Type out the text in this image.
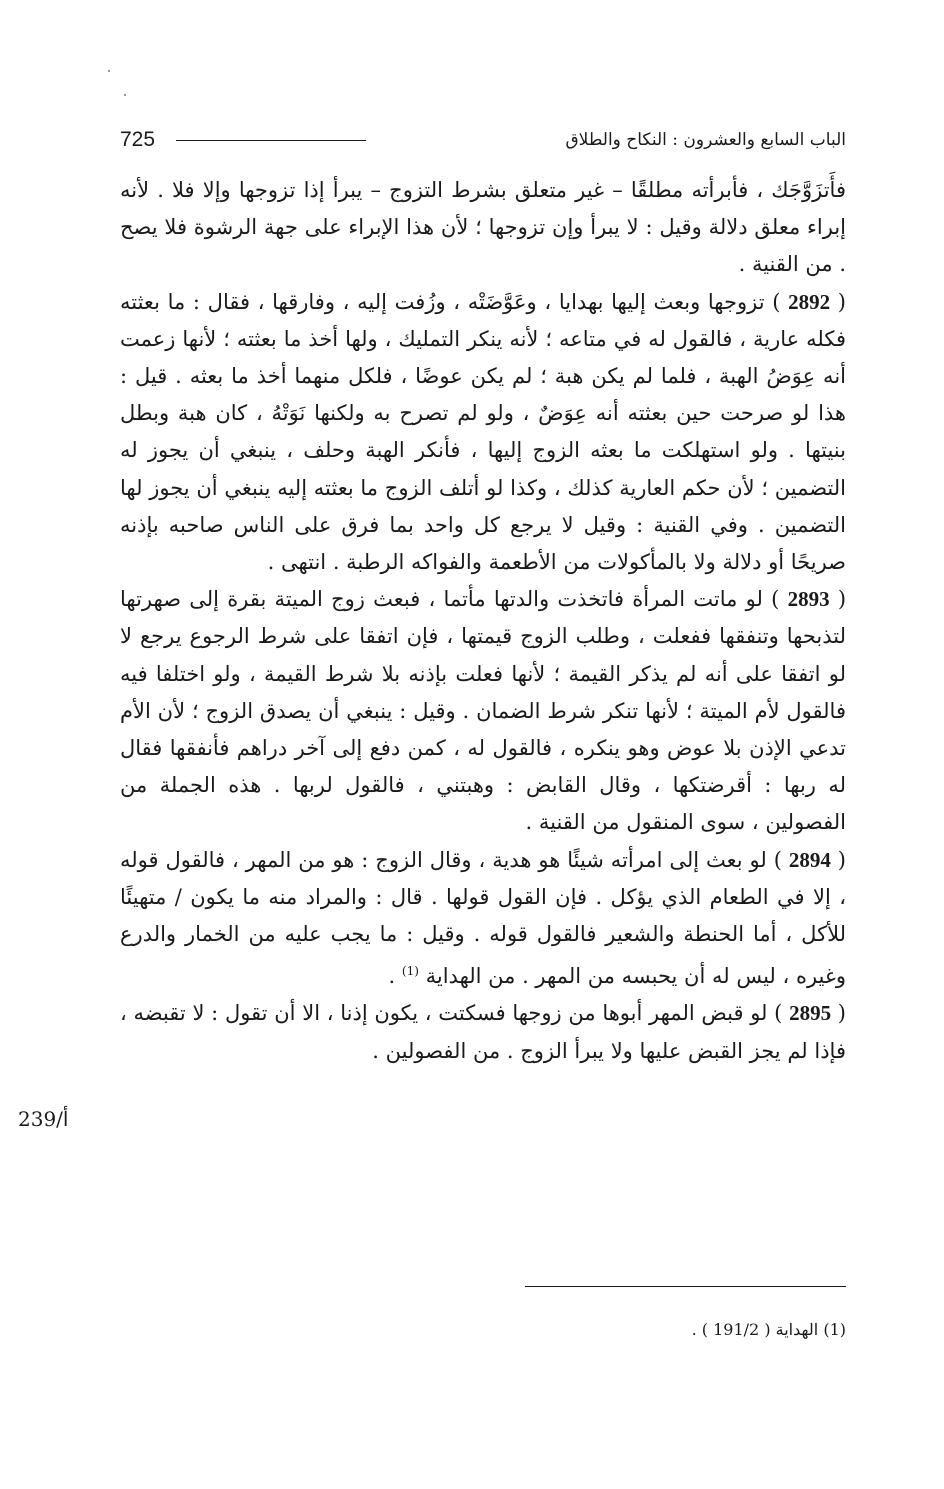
725	الباب السابع والعشرون : النكاح والطلاق

فأَتزَوَّجَك ، فأبرأته مطلقًا – غير متعلق بشرط التزوج – يبرأ إذا تزوجها وإلا فلا . لأنه إبراء معلق دلالة وقيل : لا يبرأ وإن تزوجها ؛ لأن هذا الإبراء على جهة الرشوة فلا يصح . من القنية .

( 2892 ) تزوجها وبعث إليها بهدايا ، وعَوَّضَتْه ، وزُفت إليه ، وفارقها ، فقال : ما بعثته فكله عارية ، فالقول له في متاعه ؛ لأنه ينكر التمليك ، ولها أخذ ما بعثته ؛ لأنها زعمت أنه عِوَضُ الهبة ، فلما لم يكن هبة ؛ لم يكن عوضًا ، فلكل منهما أخذ ما بعثه . قيل : هذا لو صرحت حين بعثته أنه عِوَضٌ ، ولو لم تصرح به ولكنها نَوَتْهُ ، كان هبة وبطل بنيتها . ولو استهلكت ما بعثه الزوج إليها ، فأنكر الهبة وحلف ، ينبغي أن يجوز له التضمين ؛ لأن حكم العارية كذلك ، وكذا لو أتلف الزوج ما بعثته إليه ينبغي أن يجوز لها التضمين . وفي القنية : وقيل لا يرجع كل واحد بما فرق على الناس صاحبه بإذنه صريحًا أو دلالة ولا بالمأكولات من الأطعمة والفواكه الرطبة . انتهى .

( 2893 ) لو ماتت المرأة فاتخذت والدتها مأتما ، فبعث زوج الميتة بقرة إلى صهرتها لتذبحها وتنفقها ففعلت ، وطلب الزوج قيمتها ، فإن اتفقا على شرط الرجوع يرجع لا لو اتفقا على أنه لم يذكر القيمة ؛ لأنها فعلت بإذنه بلا شرط القيمة ، ولو اختلفا فيه فالقول لأم الميتة ؛ لأنها تنكر شرط الضمان . وقيل : ينبغي أن يصدق الزوج ؛ لأن الأم تدعي الإذن بلا عوض وهو ينكره ، فالقول له ، كمن دفع إلى آخر دراهم فأنفقها فقال له ربها : أقرضتكها ، وقال القابض : وهبتني ، فالقول لربها . هذه الجملة من الفصولين ، سوى المنقول من القنية .

( 2894 ) لو بعث إلى امرأته شيئًا هو هدية ، وقال الزوج : هو من المهر ، فالقول قوله ، إلا في الطعام الذي يؤكل . فإن القول قولها . قال : والمراد منه ما يكون / متهيئًا للأكل ، أما الحنطة والشعير فالقول قوله . وقيل : ما يجب عليه من الخمار والدرع وغيره ، ليس له أن يحبسه من المهر . من الهداية $^{(1)}$ .

( 2895 ) لو قبض المهر أبوها من زوجها فسكتت ، يكون إذنا ، الا أن تقول : لا تقبضه ، فإذا لم يجز القبض عليها ولا يبرأ الزوج . من الفصولين .

239/أ
(1) الهداية ( 191/2 ) .
